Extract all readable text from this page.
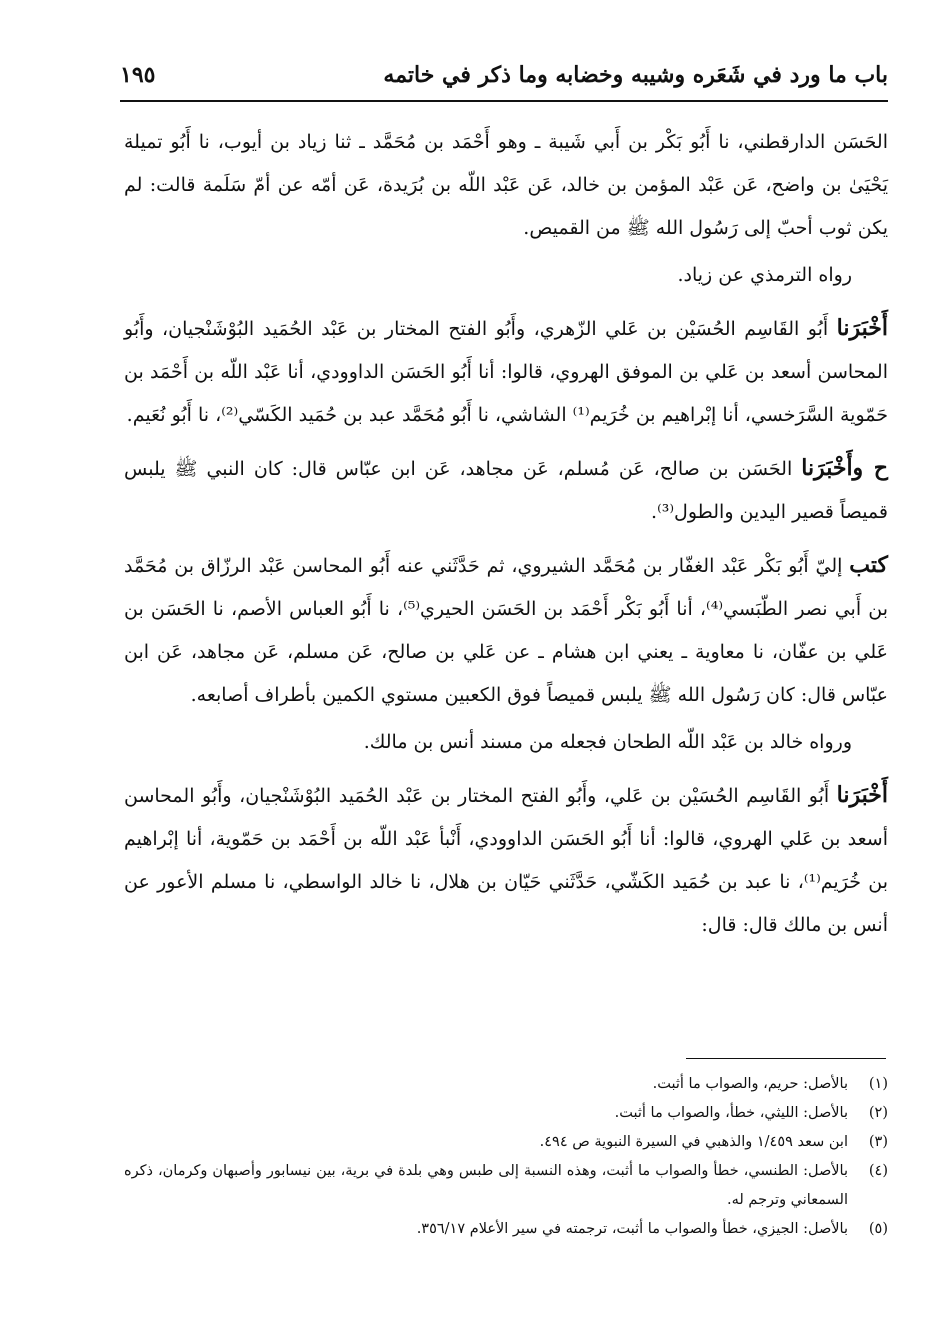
باب ما ورد في شَعَره وشيبه وخضابه وما ذكر في خاتمه
١٩٥

الحَسَن الدارقطني، نا أَبُو بَكْر بن أَبي شَيبة ـ وهو أَحْمَد بن مُحَمَّد ـ ثنا زياد بن أيوب، نا أَبُو تميلة يَحْيَىٰ بن واضح، عَن عَبْد المؤمن بن خالد، عَن عَبْد اللّه بن بُرَيدة، عَن أمّه عن أمّ سَلَمة قالت: لم يكن ثوب أحبّ إلى رَسُول الله ﷺ من القميص.

رواه الترمذي عن زياد.

أَخْبَرَنا أَبُو القَاسِم الحُسَيْن بن عَلي الزّهري، وأَبُو الفتح المختار بن عَبْد الحُمَيد البُوْشَنْجيان، وأَبُو المحاسن أسعد بن عَلي بن الموفق الهروي، قالوا: أنا أَبُو الحَسَن الداوودي، أنا عَبْد اللّه بن أَحْمَد بن حَمّوية السَّرَخسي، أنا إبْراهيم بن خُرَيم⁽¹⁾ الشاشي، نا أَبُو مُحَمَّد عبد بن حُمَيد الكَسّي⁽²⁾، نا أَبُو نُعَيم.

ح وأَخْبَرَنا الحَسَن بن صالح، عَن مُسلم، عَن مجاهد، عَن ابن عبّاس قال: كان النبي ﷺ يلبس قميصاً قصير اليدين والطول⁽³⁾.

كتب إليّ أَبُو بَكْر عَبْد الغفّار بن مُحَمَّد الشيروي، ثم حَدَّثَني عنه أَبُو المحاسن عَبْد الرزّاق بن مُحَمَّد بن أَبي نصر الطّبَسي⁽⁴⁾، أنا أَبُو بَكْر أَحْمَد بن الحَسَن الحيري⁽⁵⁾، نا أَبُو العباس الأصم، نا الحَسَن بن عَلي بن عفّان، نا معاوية ـ يعني ابن هشام ـ عن عَلي بن صالح، عَن مسلم، عَن مجاهد، عَن ابن عبّاس قال: كان رَسُول الله ﷺ يلبس قميصاً فوق الكعبين مستوي الكمين بأطراف أصابعه.

ورواه خالد بن عَبْد اللّه الطحان فجعله من مسند أنس بن مالك.

أَخْبَرَنا أَبُو القَاسِم الحُسَيْن بن عَلي، وأَبُو الفتح المختار بن عَبْد الحُمَيد البُوْشَنْجيان، وأَبُو المحاسن أسعد بن عَلي الهروي، قالوا: أنا أَبُو الحَسَن الداوودي، أَنْبأ عَبْد اللّه بن أَحْمَد بن حَمّوية، أنا إبْراهيم بن خُرَيم⁽¹⁾، نا عبد بن حُمَيد الكَشّي، حَدَّثَني حَيّان بن هلال، نا خالد الواسطي، نا مسلم الأعور عن أنس بن مالك قال: قال:

(١)
بالأصل: حريم، والصواب ما أثبت.

(٢)
بالأصل: الليثي، خطأ، والصواب ما أثبت.

(٣)
ابن سعد ١/٤٥٩ والذهبي في السيرة النبوية ص ٤٩٤.

(٤)
بالأصل: الطنسي، خطأ والصواب ما أثبت، وهذه النسبة إلى طبس وهي بلدة في برية، بين نيسابور وأصبهان وكرمان، ذكره السمعاني وترجم له.

(٥)
بالأصل: الجيزي، خطأ والصواب ما أثبت، ترجمته في سير الأعلام ٣٥٦/١٧.
